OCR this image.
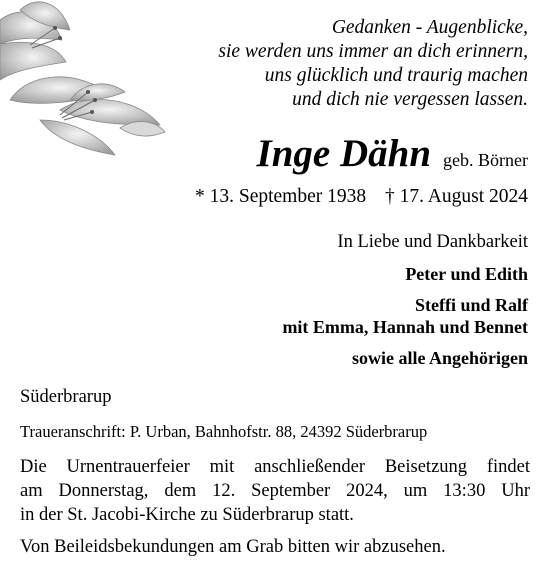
Gedanken - Augenblicke,
sie werden uns immer an dich erinnern,
uns glücklich und traurig machen
und dich nie vergessen lassen.
Inge Dähn geb. Börner
* 13. September 1938 † 17. August 2024
In Liebe und Dankbarkeit
Peter und Edith
Steffi und Ralf
mit Emma, Hannah und Bennet
sowie alle Angehörigen
Süderbrarup
Traueranschrift: P. Urban, Bahnhofstr. 88, 24392 Süderbrarup
Die Urnentrauerfeier mit anschließender Beisetzung findet
am Donnerstag, dem 12. September 2024, um 13:30 Uhr
in der St. Jacobi-Kirche zu Süderbrarup statt.
Von Beileidsbekundungen am Grab bitten wir abzusehen.
